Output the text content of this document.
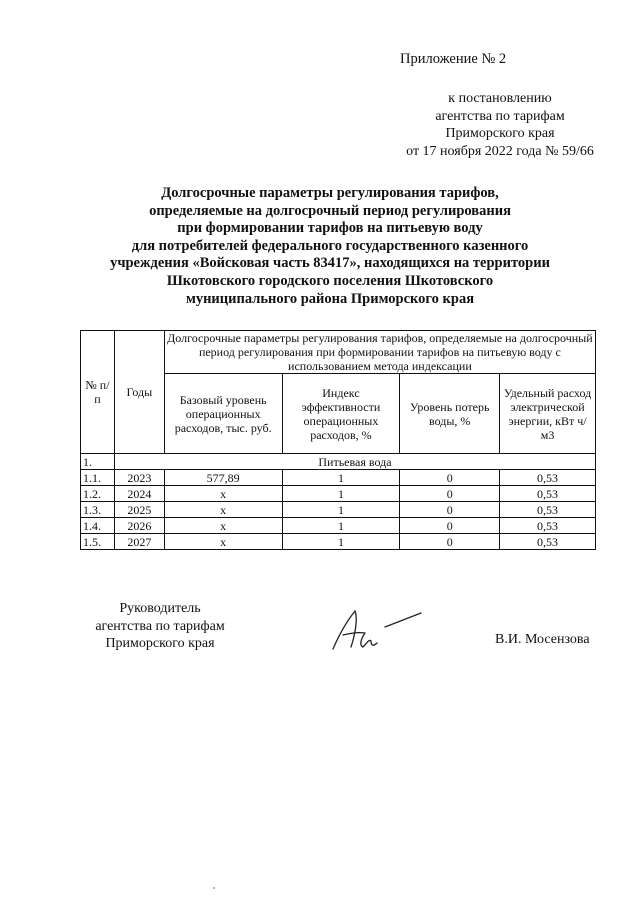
Приложение № 2
к постановлению
агентства по тарифам
Приморского края
от 17 ноября 2022 года № 59/66
Долгосрочные параметры регулирования тарифов,
определяемые на долгосрочный период регулирования
при формировании тарифов на питьевую воду
для потребителей федерального государственного казенного
учреждения «Войсковая часть 83417», находящихся на территории
Шкотовского городского поселения Шкотовского
муниципального района Приморского края
№ п/п	Годы	Долгосрочные параметры регулирования тарифов, определяемые на долгосрочный период регулирования при формировании тарифов на питьевую воду с использованием метода индексации			
		Базовый уровень операционных расходов, тыс. руб.	Индекс эффективности операционных расходов, %	Уровень потерь воды, %	Удельный расход электрической энергии, кВт ч/м3
1.	Питьевая вода				
1.1.	2023	577,89	1	0	0,53
1.2.	2024	x	1	0	0,53
1.3.	2025	x	1	0	0,53
1.4.	2026	x	1	0	0,53
1.5.	2027	x	1	0	0,53
Руководитель
агентства по тарифам
Приморского края	В.И. Мосензова
